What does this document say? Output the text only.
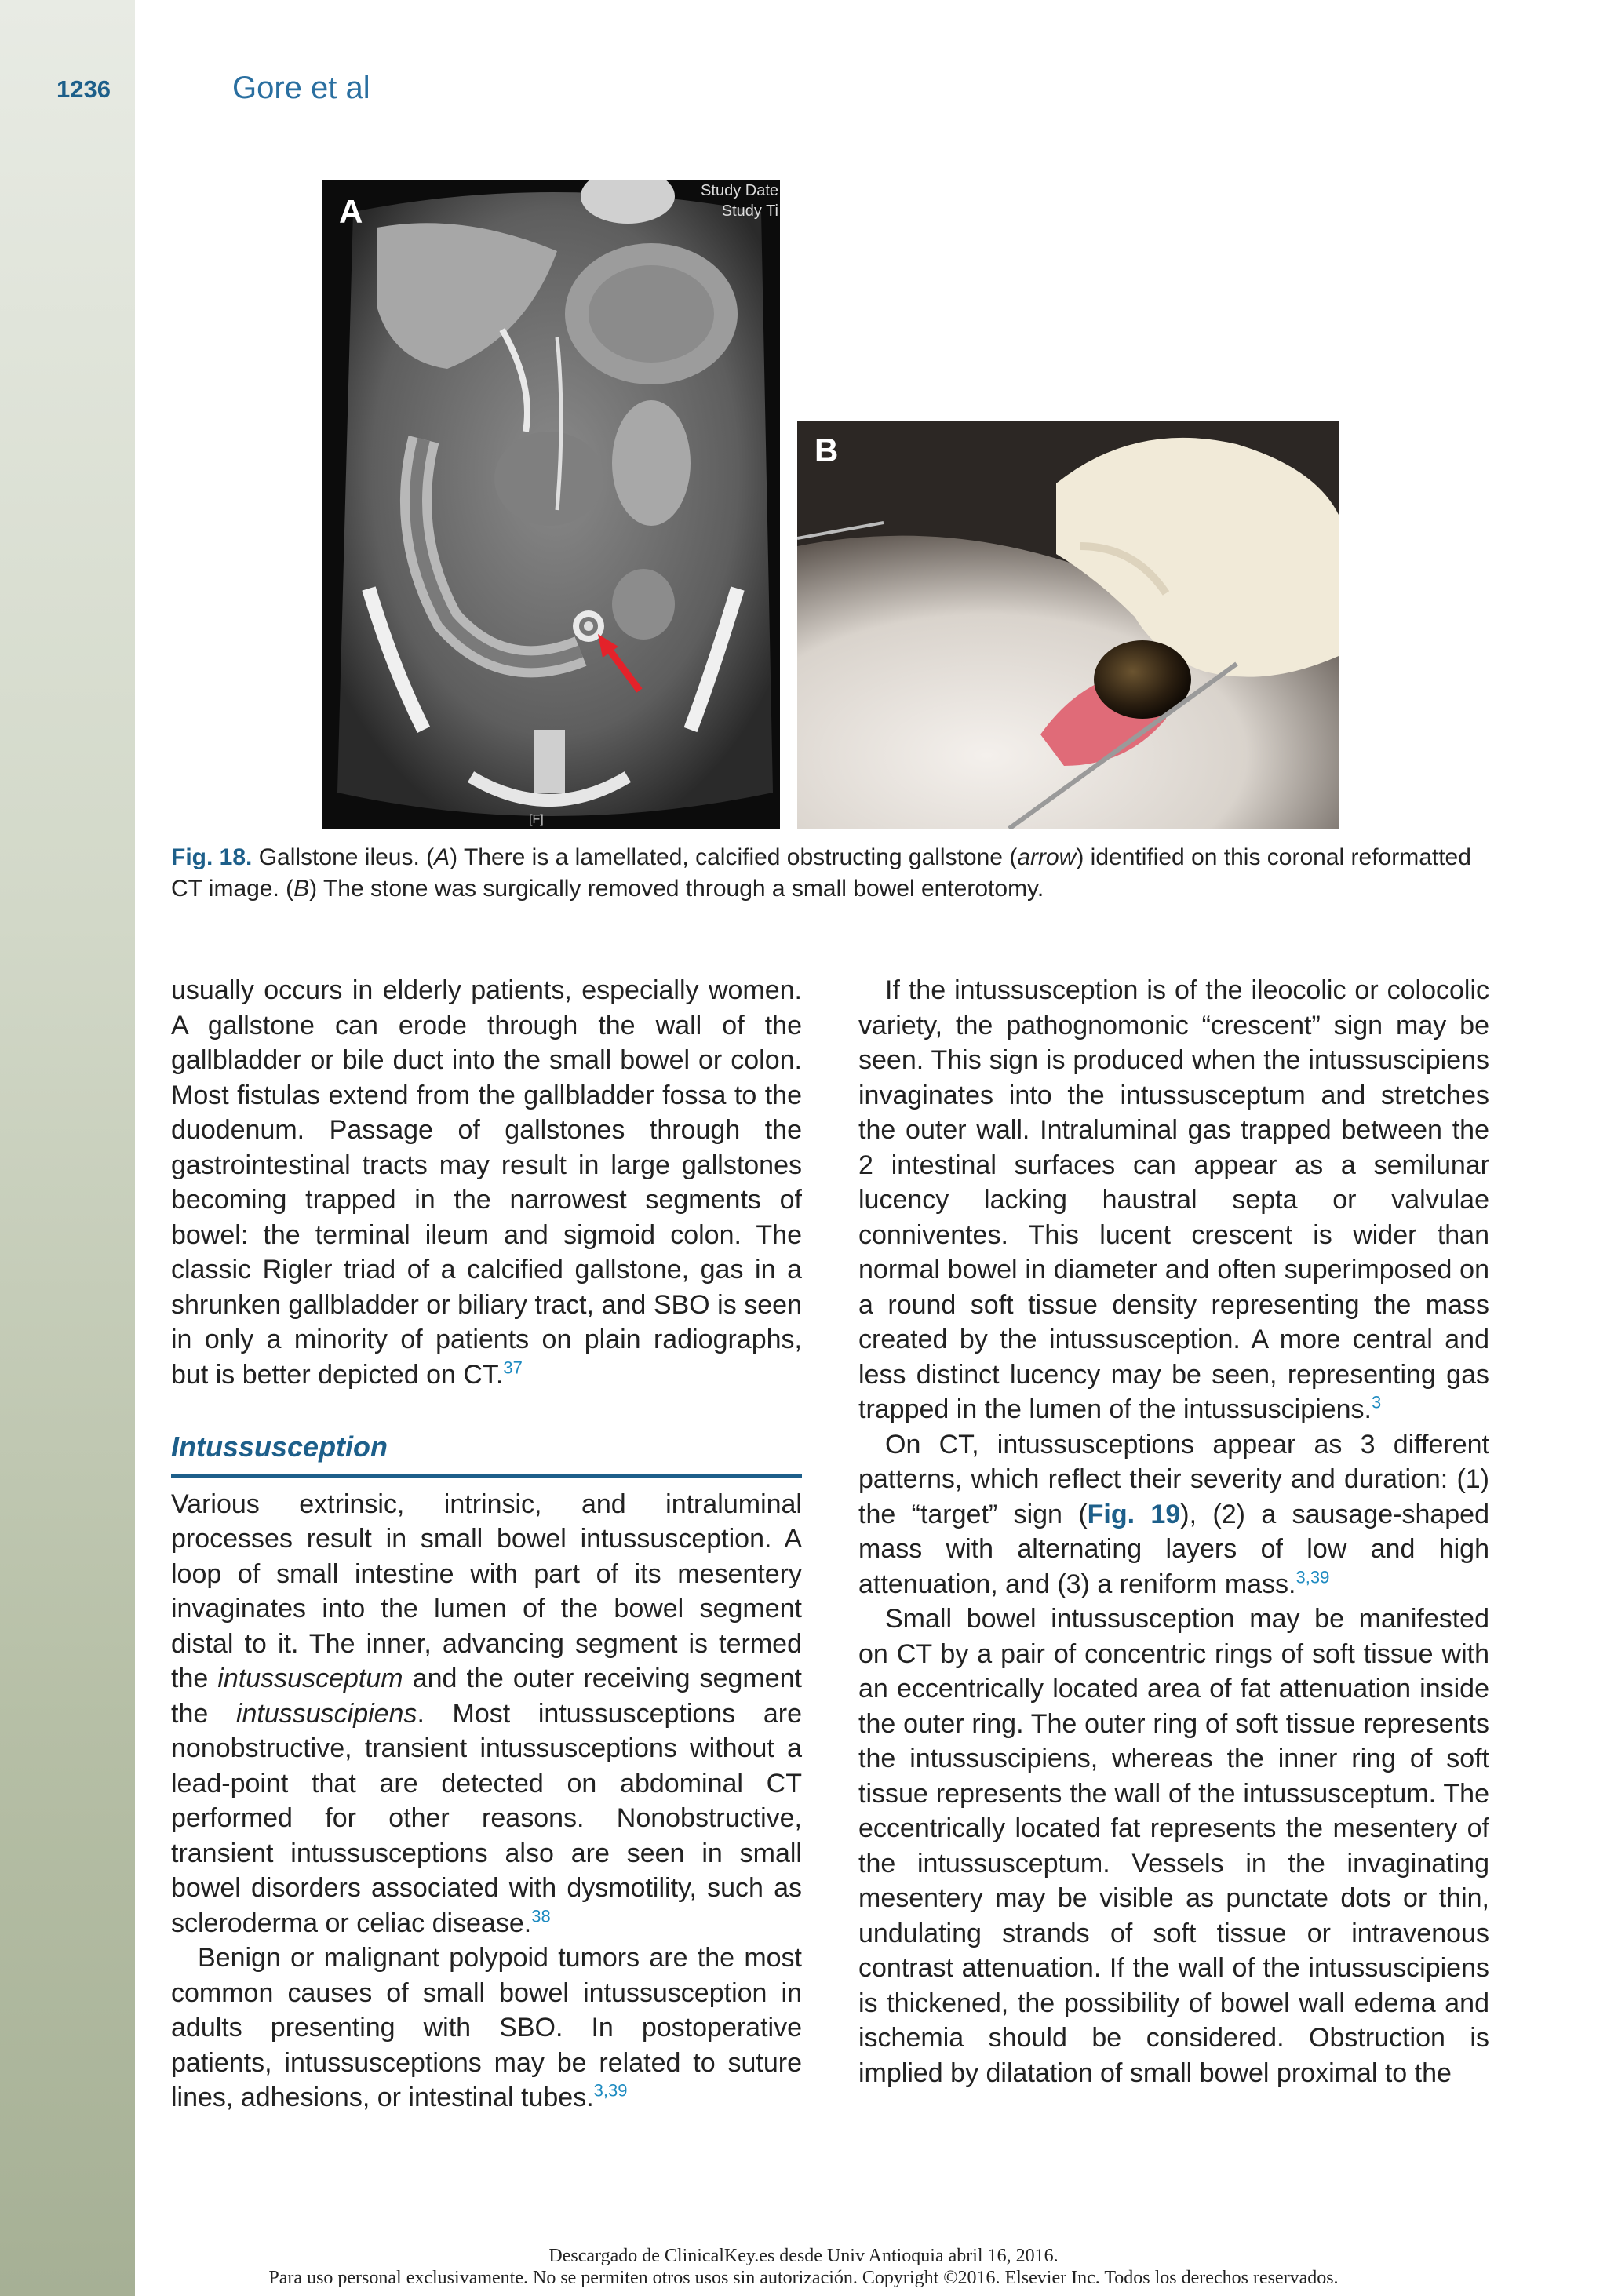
1236	Gore et al
A
Study Date
Study Ti
[F]
B
Fig. 18. Gallstone ileus. (A) There is a lamellated, calcified obstructing gallstone (arrow) identified on this coronal reformatted CT image. (B) The stone was surgically removed through a small bowel enterotomy.

usually occurs in elderly patients, especially women. A gallstone can erode through the wall of the gallbladder or bile duct into the small bowel or colon. Most fistulas extend from the gallbladder fossa to the duodenum. Passage of gallstones through the gastrointestinal tracts may result in large gallstones becoming trapped in the narrowest segments of bowel: the terminal ileum and sigmoid colon. The classic Rigler triad of a calcified gallstone, gas in a shrunken gallbladder or biliary tract, and SBO is seen in only a minority of patients on plain radiographs, but is better depicted on CT.$^{37}$

Intussusception

Various extrinsic, intrinsic, and intraluminal processes result in small bowel intussusception. A loop of small intestine with part of its mesentery invaginates into the lumen of the bowel segment distal to it. The inner, advancing segment is termed the intussusceptum and the outer receiving segment the intussuscipiens. Most intussusceptions are nonobstructive, transient intussusceptions without a lead-point that are detected on abdominal CT performed for other reasons. Nonobstructive, transient intussusceptions also are seen in small bowel disorders associated with dysmotility, such as scleroderma or celiac disease.$^{38}$

Benign or malignant polypoid tumors are the most common causes of small bowel intussusception in adults presenting with SBO. In postoperative patients, intussusceptions may be related to suture lines, adhesions, or intestinal tubes.$^{3,39}$

If the intussusception is of the ileocolic or colocolic variety, the pathognomonic “crescent” sign may be seen. This sign is produced when the intussuscipiens invaginates into the intussusceptum and stretches the outer wall. Intraluminal gas trapped between the 2 intestinal surfaces can appear as a semilunar lucency lacking haustral septa or valvulae conniventes. This lucent crescent is wider than normal bowel in diameter and often superimposed on a round soft tissue density representing the mass created by the intussusception. A more central and less distinct lucency may be seen, representing gas trapped in the lumen of the intussuscipiens.$^3$

On CT, intussusceptions appear as 3 different patterns, which reflect their severity and duration: (1) the “target” sign (Fig. 19), (2) a sausage-shaped mass with alternating layers of low and high attenuation, and (3) a reniform mass.$^{3,39}$

Small bowel intussusception may be manifested on CT by a pair of concentric rings of soft tissue with an eccentrically located area of fat attenuation inside the outer ring. The outer ring of soft tissue represents the intussuscipiens, whereas the inner ring of soft tissue represents the wall of the intussusceptum. The eccentrically located fat represents the mesentery of the intussusceptum. Vessels in the invaginating mesentery may be visible as punctate dots or thin, undulating strands of soft tissue or intravenous contrast attenuation. If the wall of the intussuscipiens is thickened, the possibility of bowel wall edema and ischemia should be considered. Obstruction is implied by dilatation of small bowel proximal to the

Descargado de ClinicalKey.es desde Univ Antioquia abril 16, 2016.
Para uso personal exclusivamente. No se permiten otros usos sin autorización. Copyright ©2016. Elsevier Inc. Todos los derechos reservados.
